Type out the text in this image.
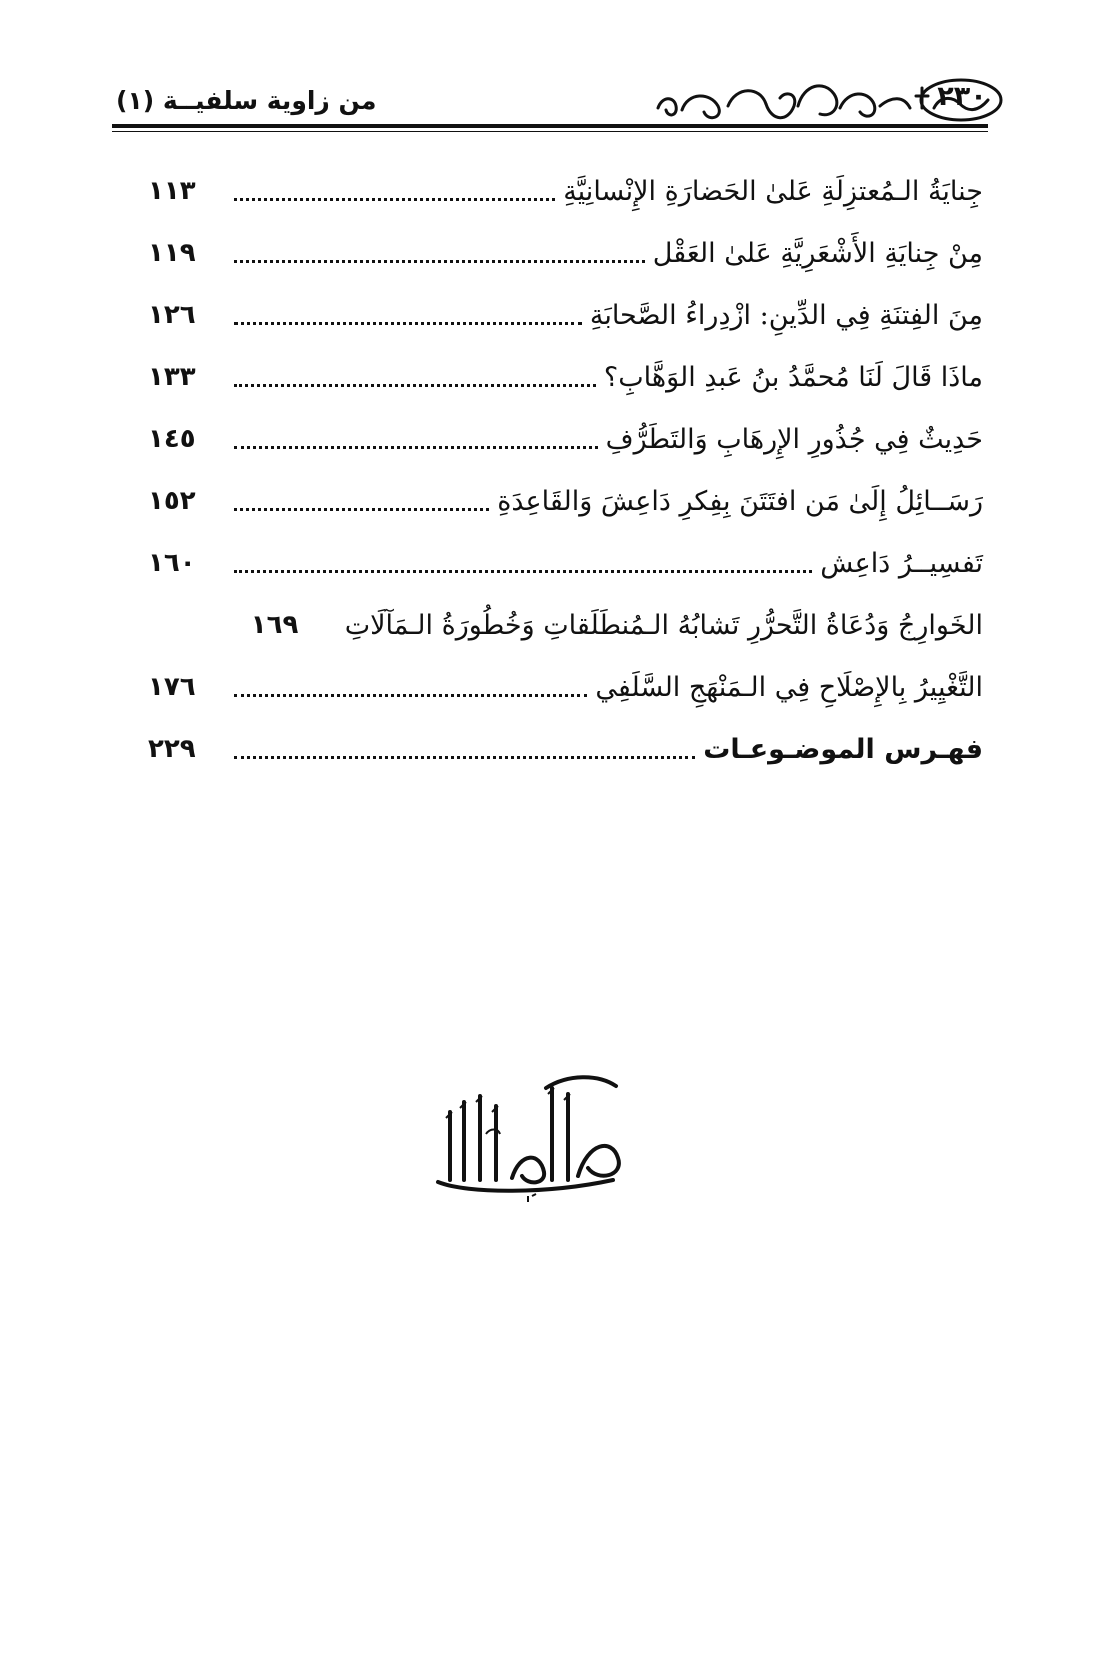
من زاوية سلفيــة (١)	٢٣٠
جِنايَةُ الـمُعتزِلَةِ عَلىٰ الحَضارَةِ الإِنْسانِيَّةِ
١١٣
مِنْ جِنايَةِ الأَشْعَرِيَّةِ عَلىٰ العَقْل
١١٩
مِنَ الفِتنَةِ فِي الدِّينِ: ازْدِراءُ الصَّحابَةِ
١٢٦
ماذَا قَالَ لَنَا مُحمَّدُ بنُ عَبدِ الوَهَّابِ؟
١٣٣
حَدِيثٌ فِي جُذُورِ الإِرهَابِ وَالتَطَرُّفِ
١٤٥
رَسَــائِلُ إِلَىٰ مَن افتَتَنَ بِفِكرِ دَاعِشَ وَالقَاعِدَةِ
١٥٢
تَفسِيــرُ دَاعِش
١٦٠
الخَوارِجُ وَدُعَاةُ التَّحرُّرِ تَشابُهُ الـمُنطَلَقاتِ وَخُطُورَةُ الـمَآلَاتِ
١٦٩
التَّغْيِيرُ بِالإِصْلَاحِ فِي الـمَنْهَجِ السَّلَفِي
١٧٦
فهـرس الموضـوعـات
٢٢٩
